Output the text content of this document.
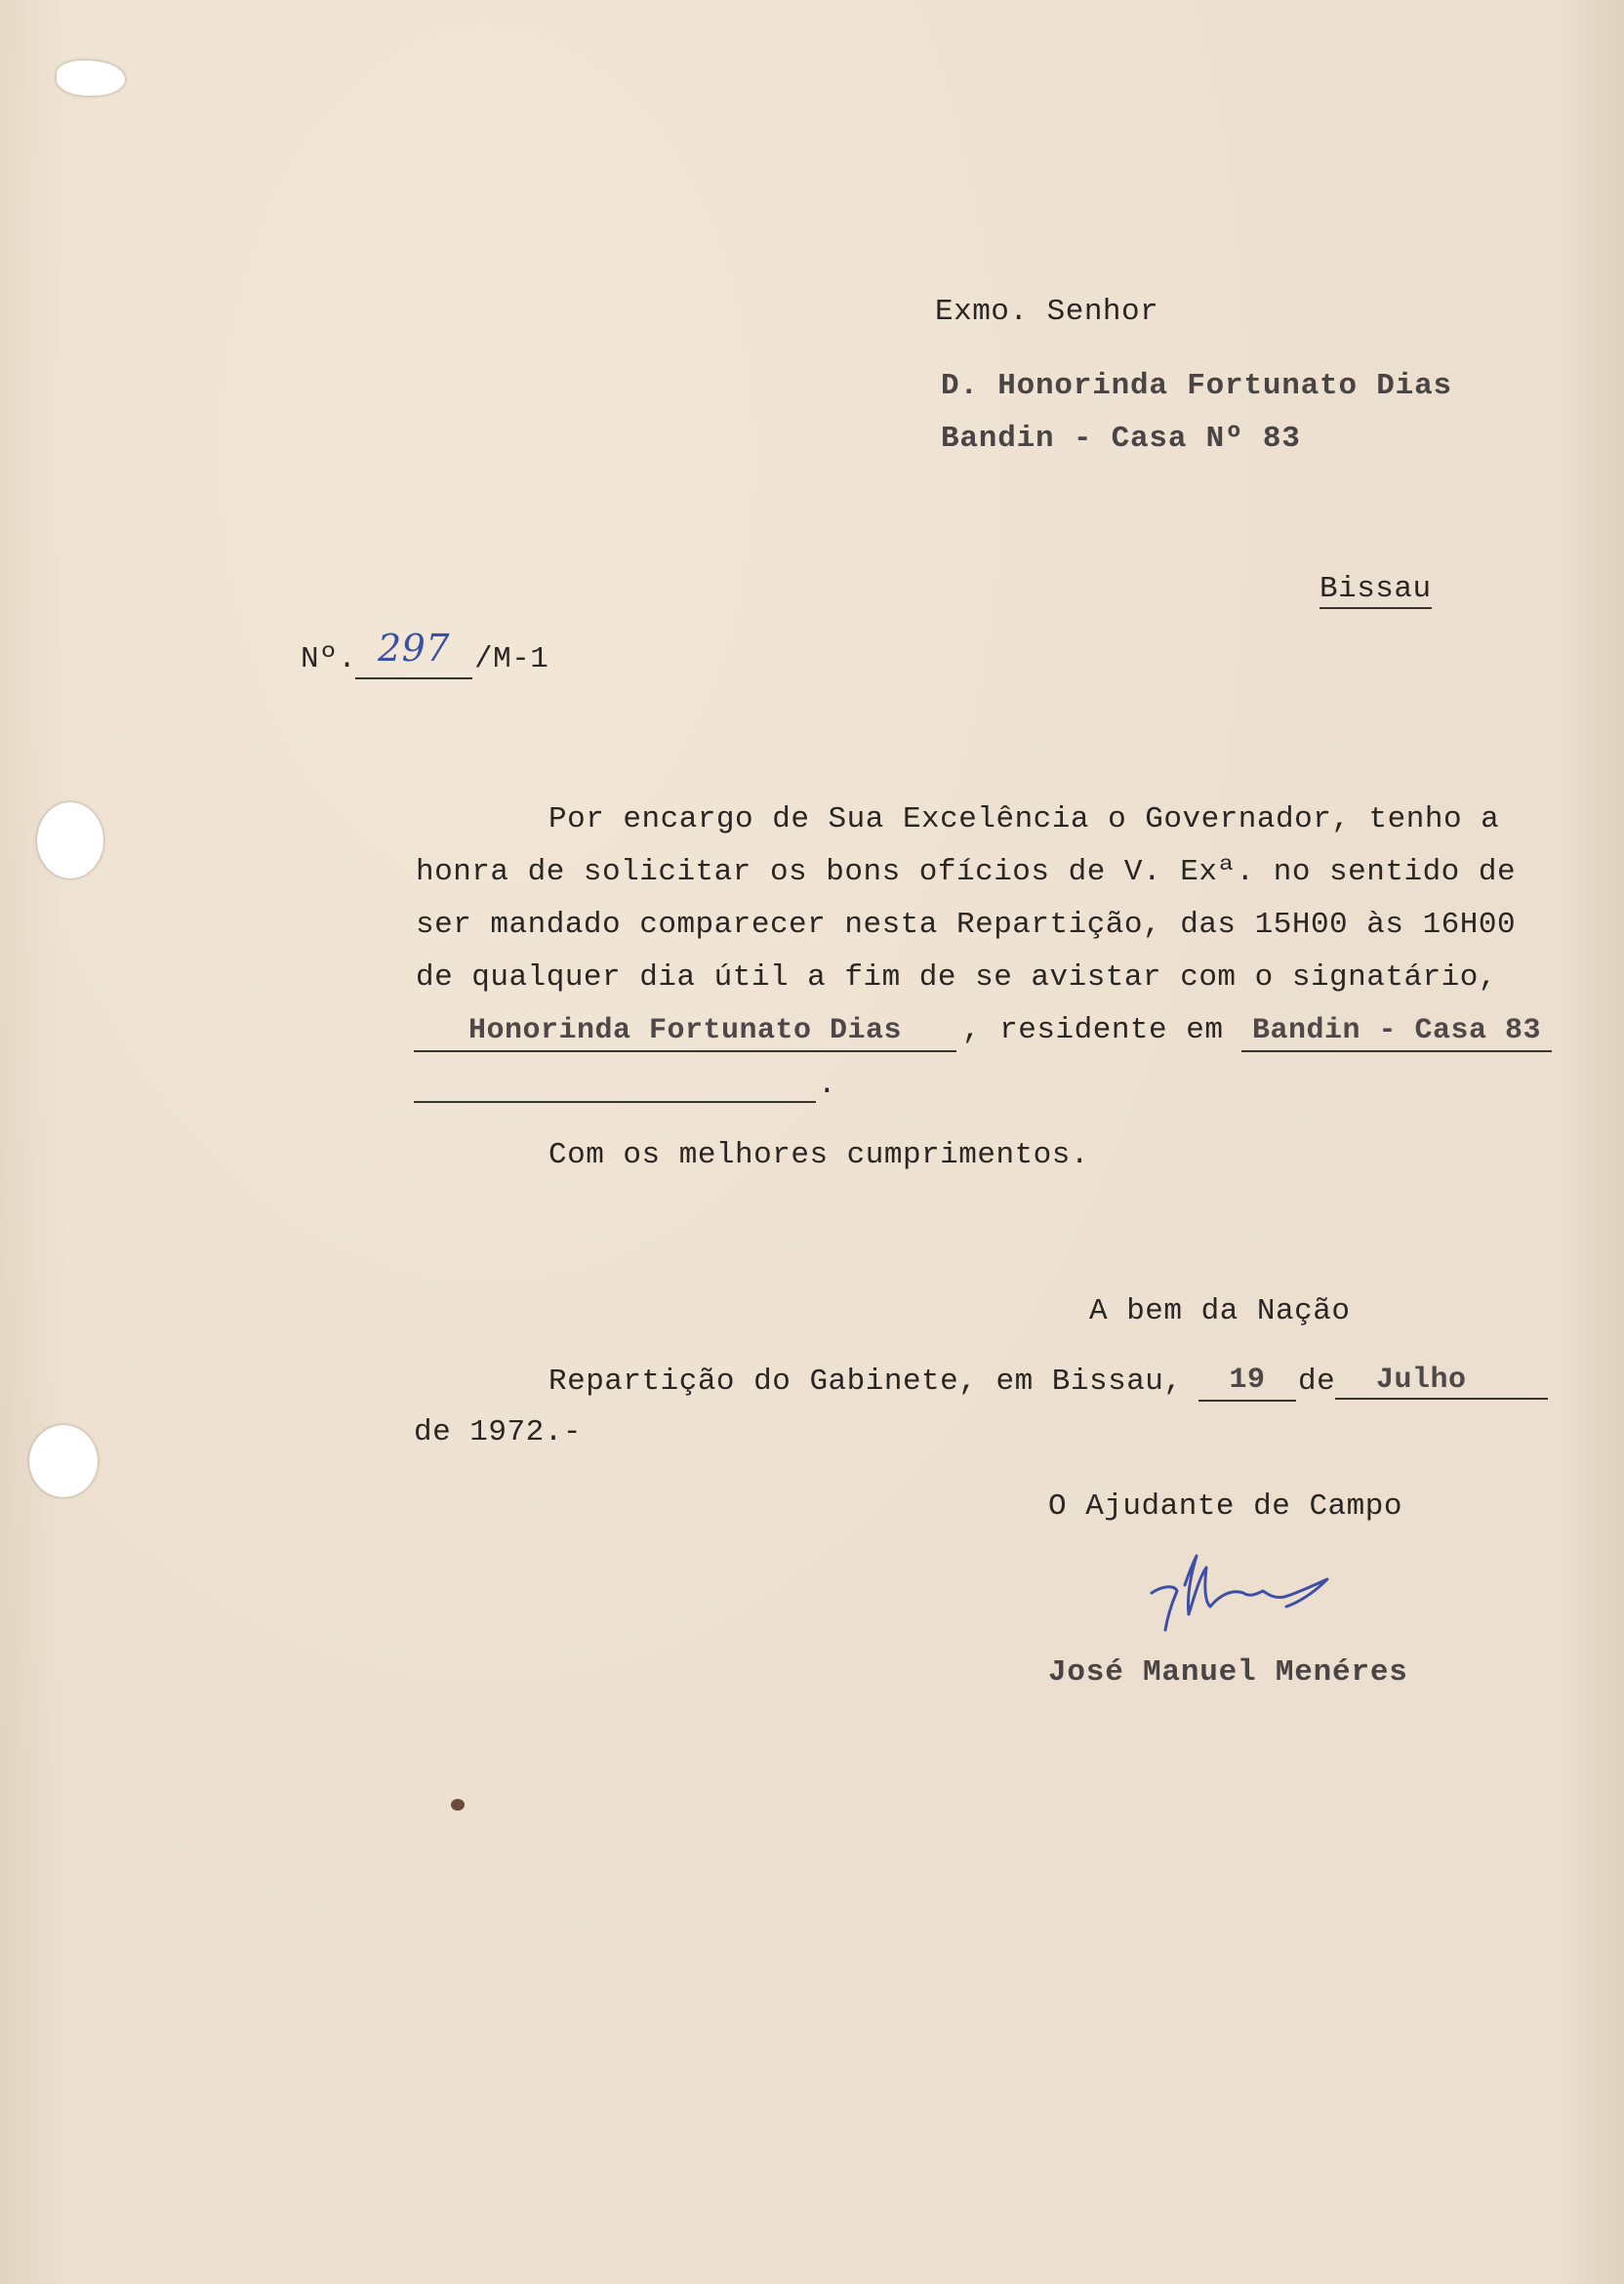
Exmo. Senhor
D. Honorinda Fortunato Dias
Bandin - Casa Nº 83
Bissau
Nº. 297 /M-1
Por encargo de Sua Excelência o Governador, tenho a
honra de solicitar os bons ofícios de V. Exª. no sentido de
ser mandado comparecer nesta Repartição, das 15H00 às 16H00
de qualquer dia útil a fim de se avistar com o signatário,
Honorinda Fortunato Dias	, residente em Bandin - Casa 83
.
Com os melhores cumprimentos.
A bem da Nação
Repartição do Gabinete, em Bissau,	19	de	Julho
de 1972.-
O Ajudante de Campo
José Manuel Menéres
